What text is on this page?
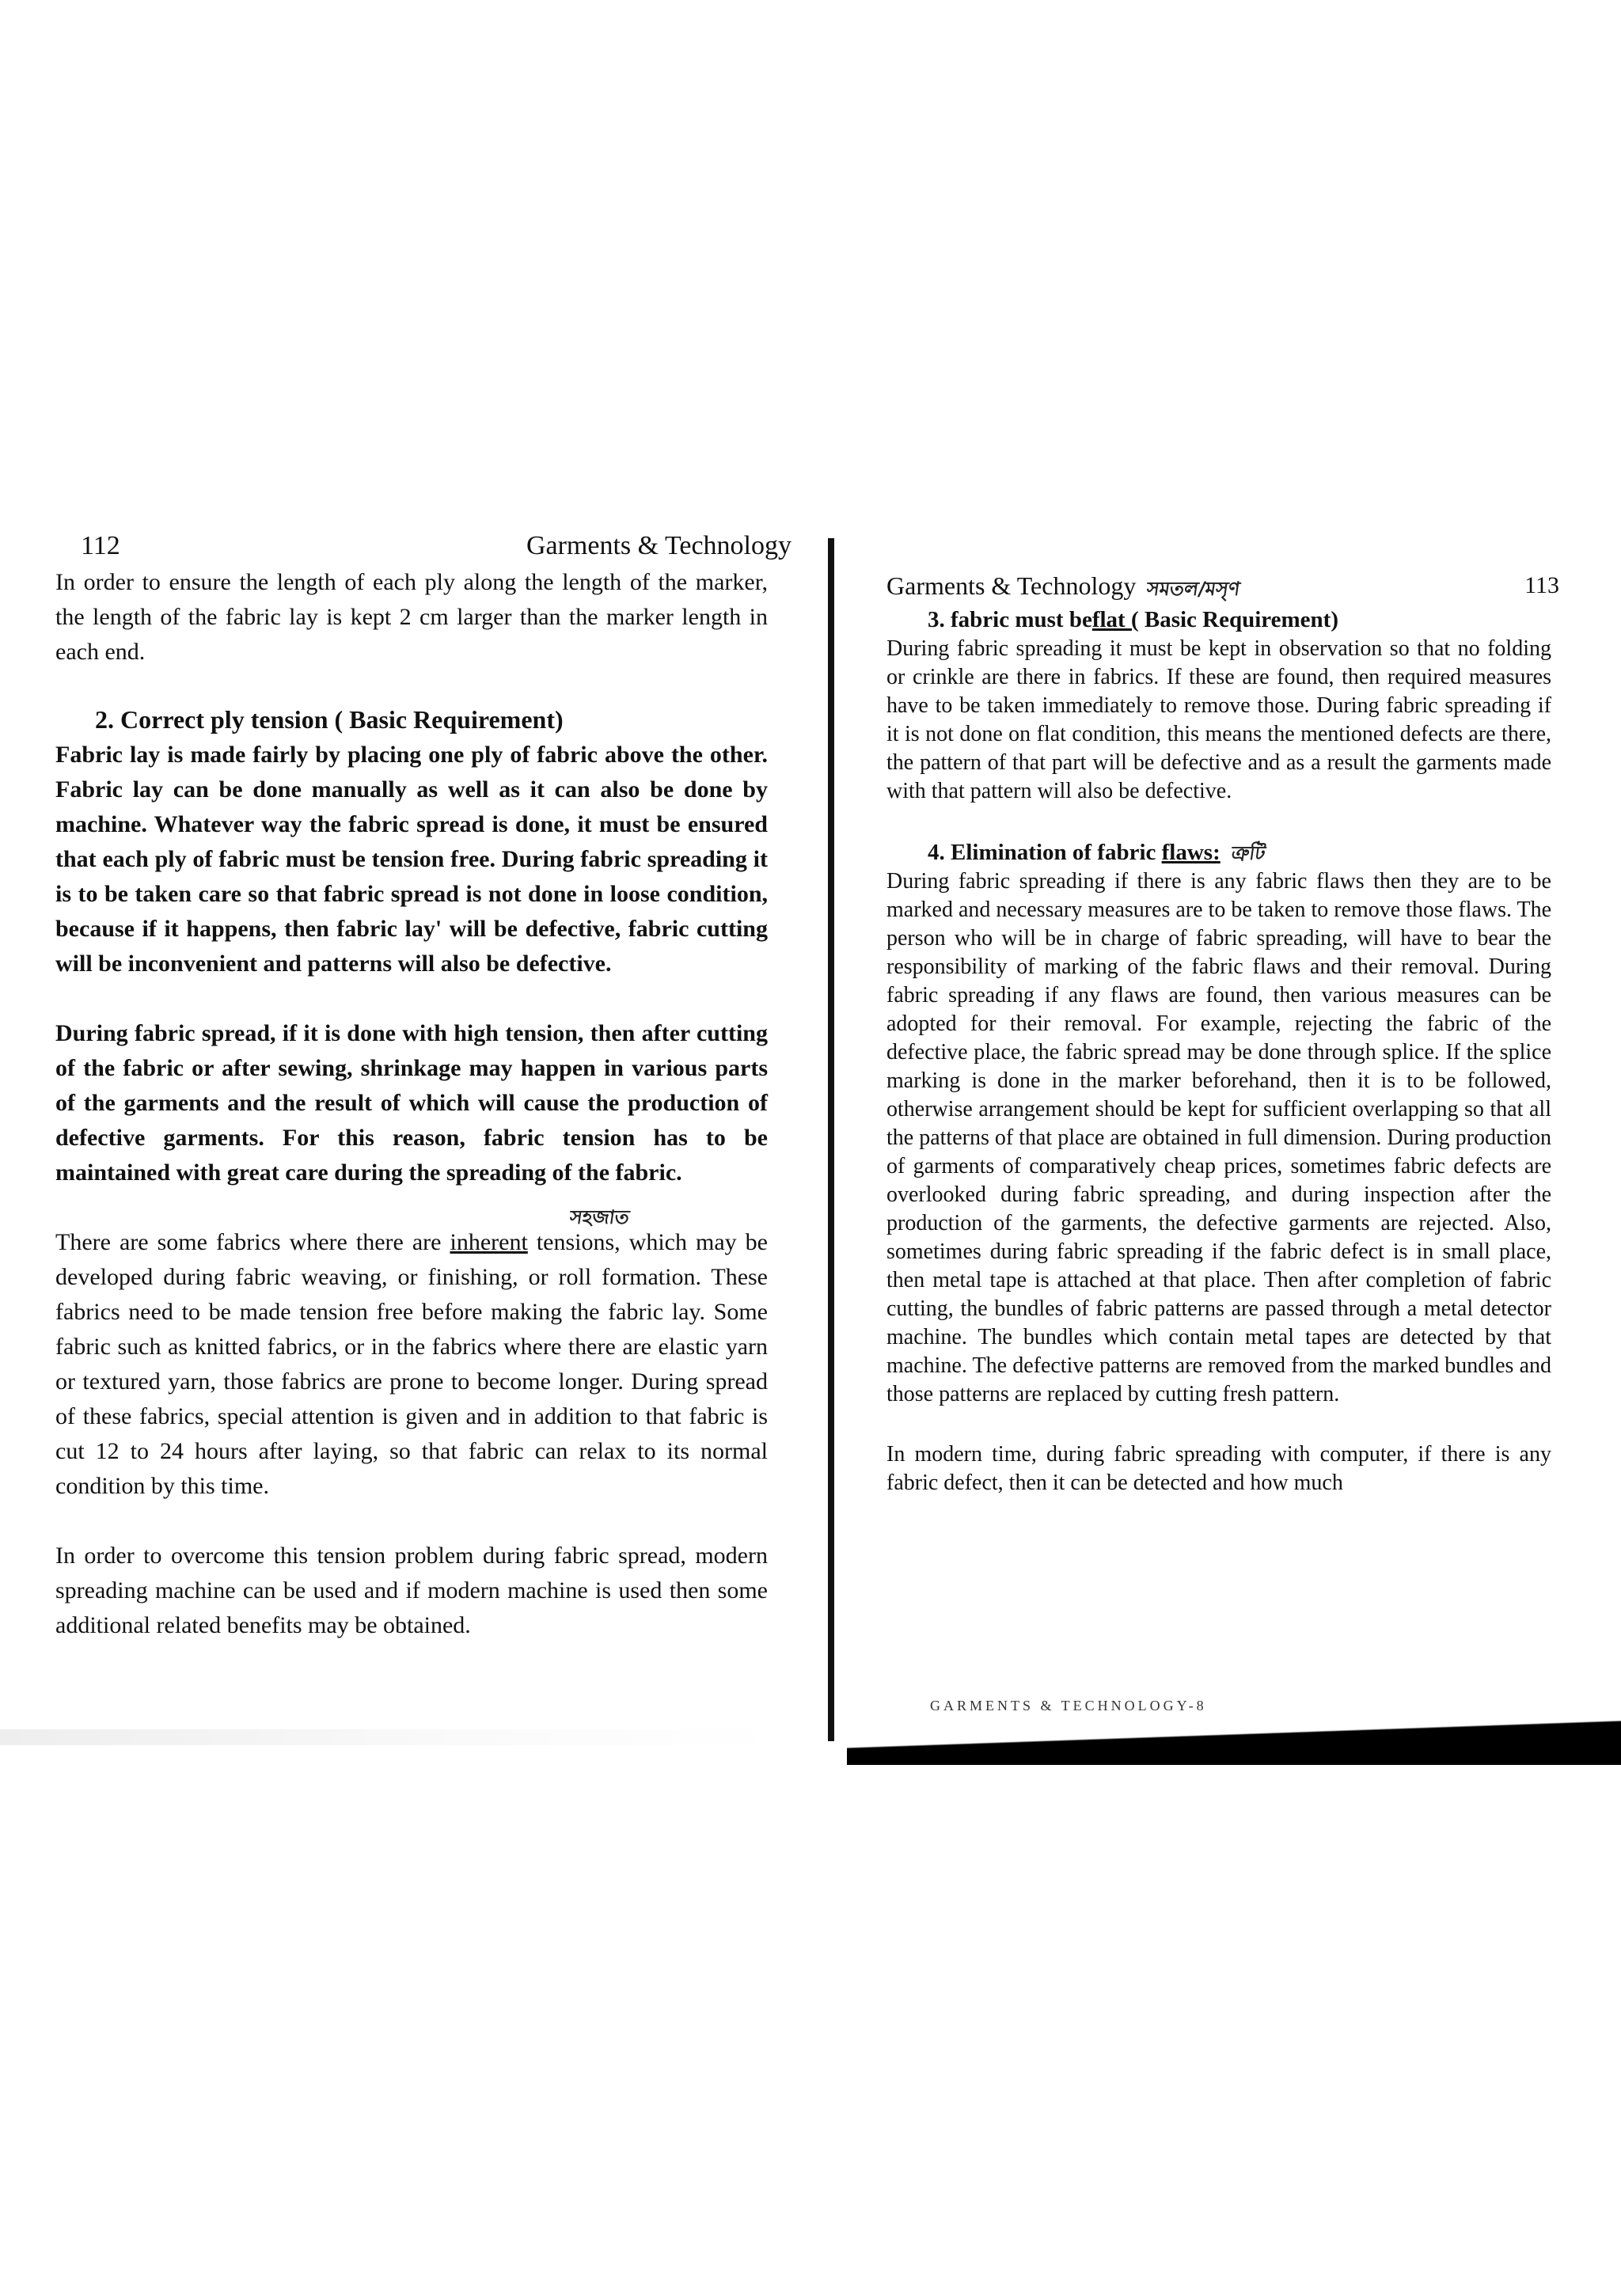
112	Garments & Technology

In order to ensure the length of each ply along the length of the marker, the length of the fabric lay is kept 2 cm larger than the marker length in each end.

2. Correct ply tension ( Basic Requirement)

Fabric lay is made fairly by placing one ply of fabric above the other. Fabric lay can be done manually as well as it can also be done by machine. Whatever way the fabric spread is done, it must be ensured that each ply of fabric must be tension free. During fabric spreading it is to be taken care so that fabric spread is not done in loose condition, because if it happens, then fabric lay' will be defective, fabric cutting will be inconvenient and patterns will also be defective.

During fabric spread, if it is done with high tension, then after cutting of the fabric or after sewing, shrinkage may happen in various parts of the garments and the result of which will cause the production of defective garments. For this reason, fabric tension has to be maintained with great care during the spreading of the fabric.

সহজাত

There are some fabrics where there are inherent tensions, which may be developed during fabric weaving, or finishing, or roll formation. These fabrics need to be made tension free before making the fabric lay. Some fabric such as knitted fabrics, or in the fabrics where there are elastic yarn or textured yarn, those fabrics are prone to become longer. During spread of these fabrics, special attention is given and in addition to that fabric is cut 12 to 24 hours after laying, so that fabric can relax to its normal condition by this time.

In order to overcome this tension problem during fabric spread, modern spreading machine can be used and if modern machine is used then some additional related benefits may be obtained.

Garments & Technology সমতল/মসৃণ	113
3. fabric must beflat ( Basic Requirement)

During fabric spreading it must be kept in observation so that no folding or crinkle are there in fabrics. If these are found, then required measures have to be taken immediately to remove those. During fabric spreading if it is not done on flat condition, this means the mentioned defects are there, the pattern of that part will be defective and as a result the garments made with that pattern will also be defective.

4. Elimination of fabric flaws: ত্রুটি

During fabric spreading if there is any fabric flaws then they are to be marked and necessary measures are to be taken to remove those flaws. The person who will be in charge of fabric spreading, will have to bear the responsibility of marking of the fabric flaws and their removal. During fabric spreading if any flaws are found, then various measures can be adopted for their removal. For example, rejecting the fabric of the defective place, the fabric spread may be done through splice. If the splice marking is done in the marker beforehand, then it is to be followed, otherwise arrangement should be kept for sufficient overlapping so that all the patterns of that place are obtained in full dimension. During production of garments of comparatively cheap prices, sometimes fabric defects are overlooked during fabric spreading, and during inspection after the production of the garments, the defective garments are rejected. Also, sometimes during fabric spreading if the fabric defect is in small place, then metal tape is attached at that place. Then after completion of fabric cutting, the bundles of fabric patterns are passed through a metal detector machine. The bundles which contain metal tapes are detected by that machine. The defective patterns are removed from the marked bundles and those patterns are replaced by cutting fresh pattern.

In modern time, during fabric spreading with computer, if there is any fabric defect, then it can be detected and how much

GARMENTS & TECHNOLOGY-8
